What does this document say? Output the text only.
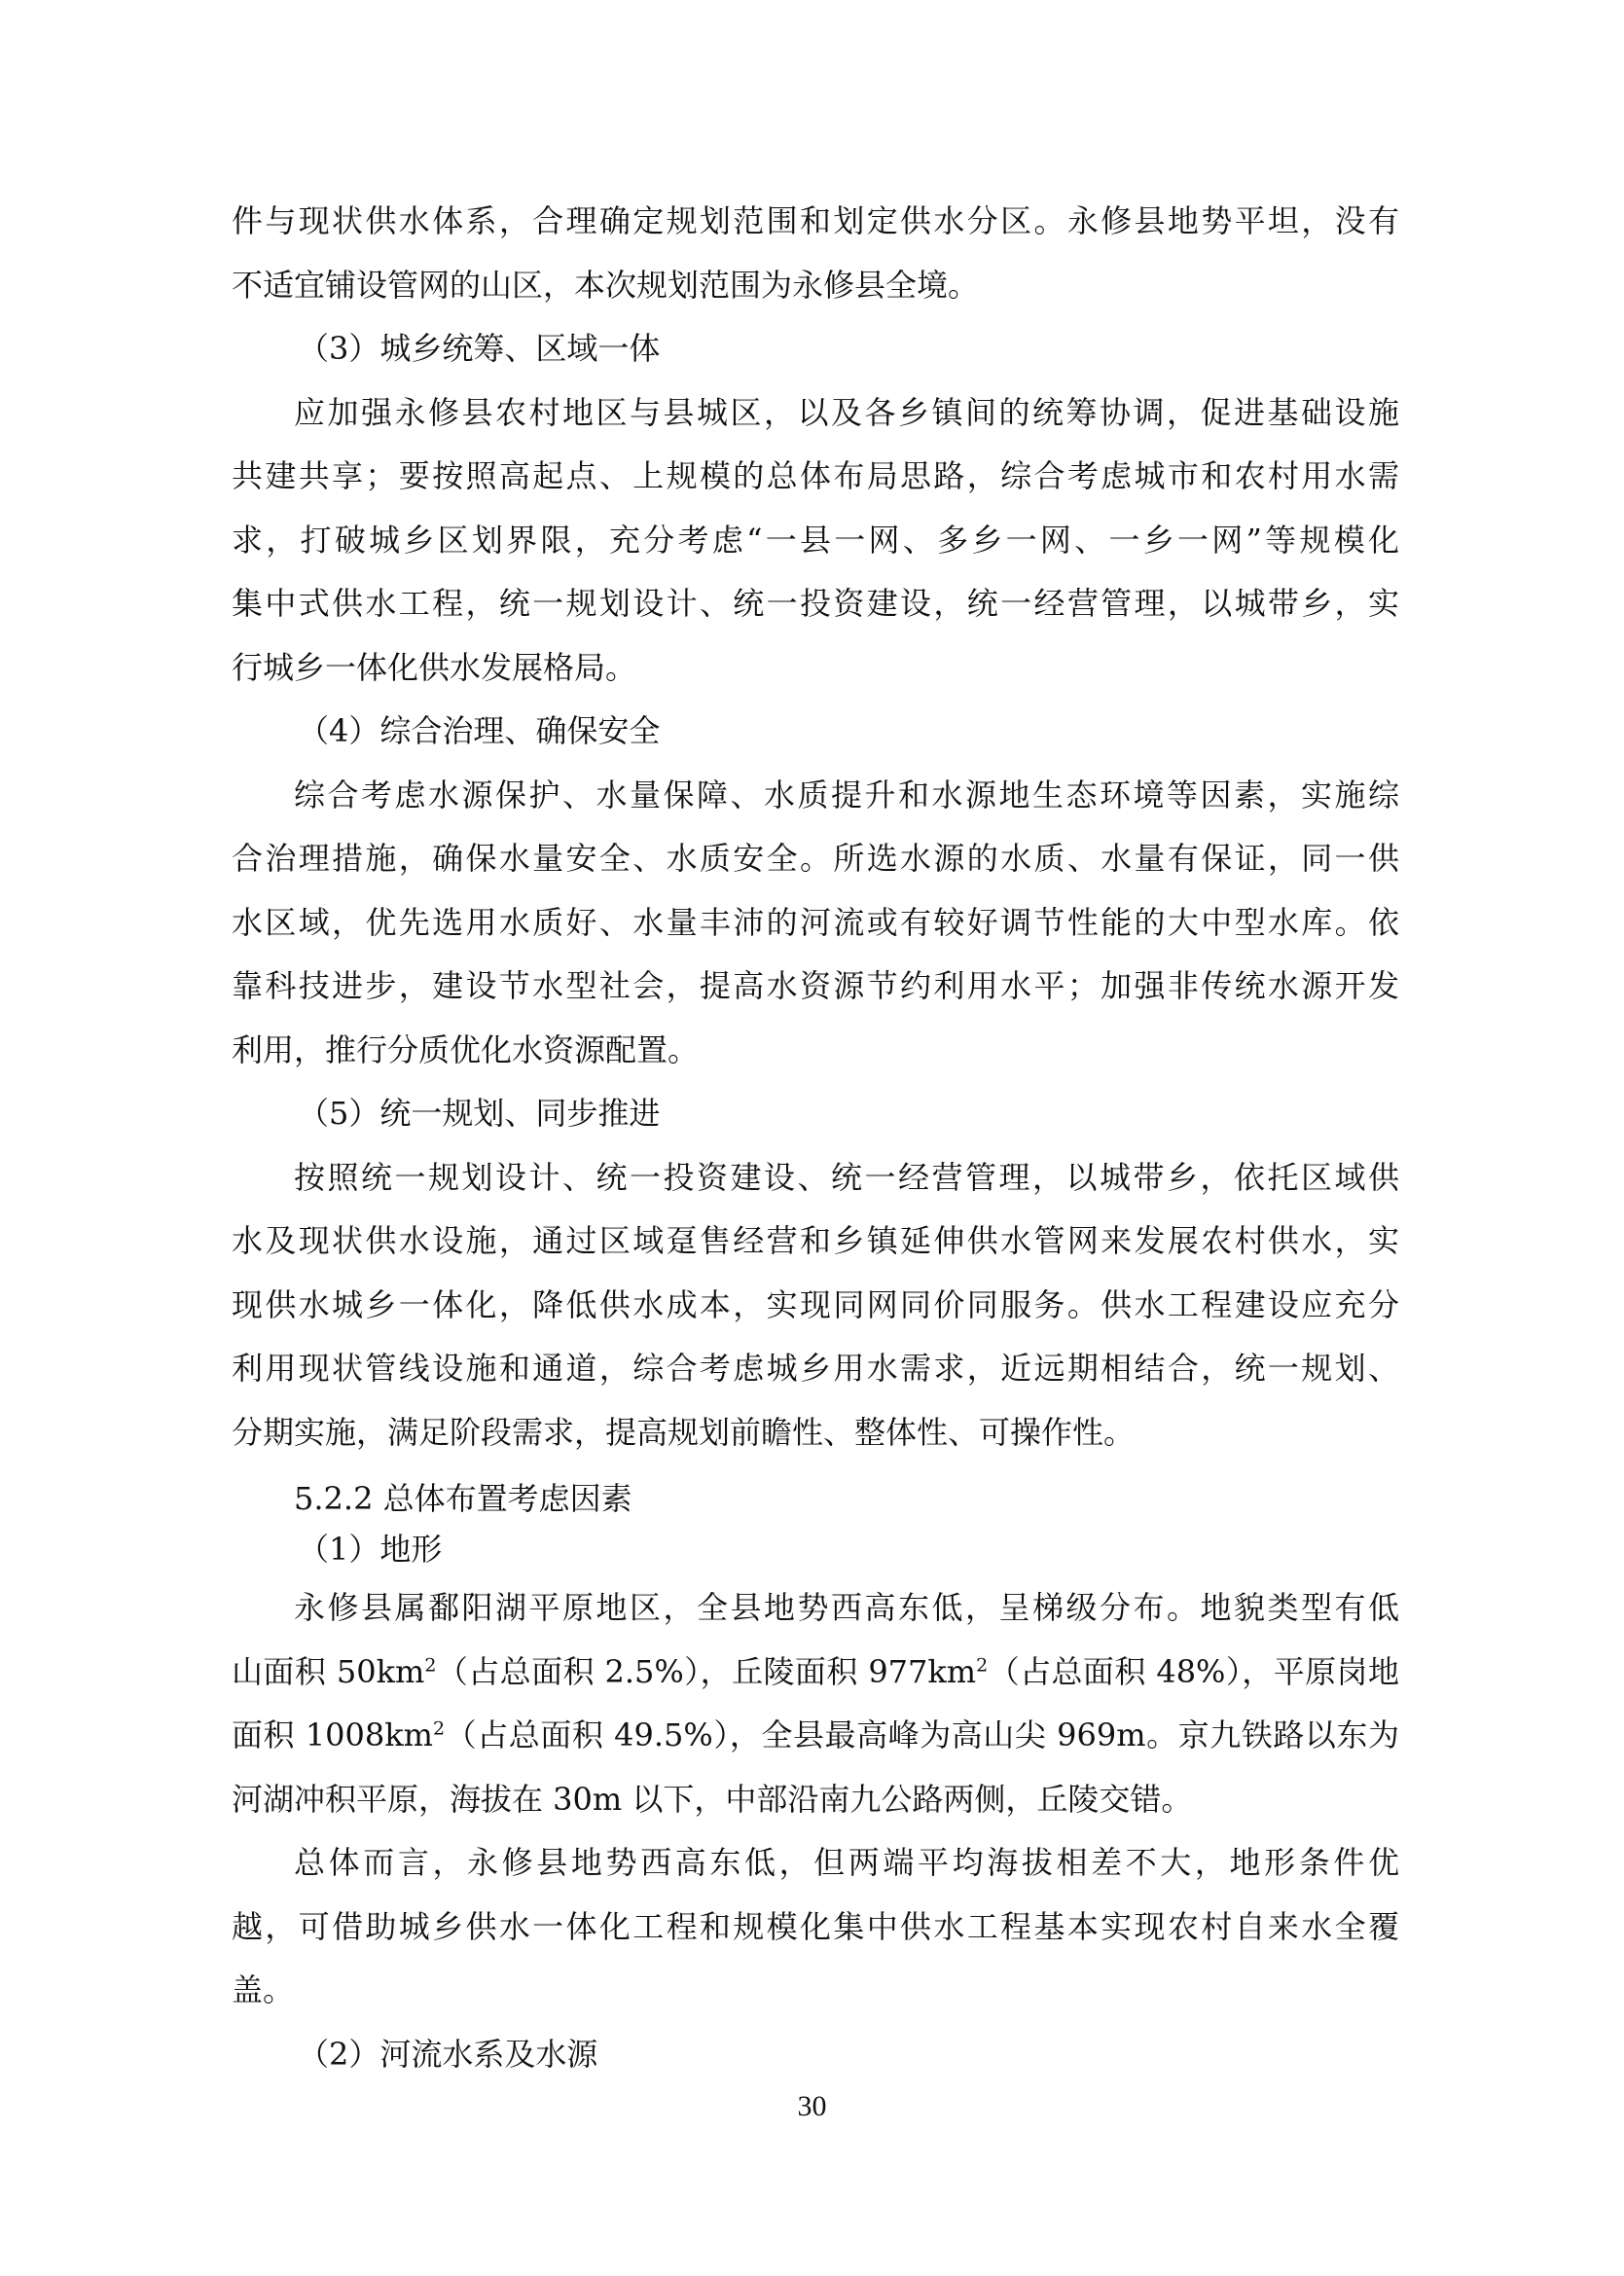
件与现状供水体系，合理确定规划范围和划定供水分区。永修县地势平坦，没有
不适宜铺设管网的山区，本次规划范围为永修县全境。
（3）城乡统筹、区域一体
应加强永修县农村地区与县城区，以及各乡镇间的统筹协调，促进基础设施
共建共享；要按照高起点、上规模的总体布局思路，综合考虑城市和农村用水需
求，打破城乡区划界限，充分考虑“一县一网、多乡一网、一乡一网”等规模化
集中式供水工程，统一规划设计、统一投资建设，统一经营管理，以城带乡，实
行城乡一体化供水发展格局。
（4）综合治理、确保安全
综合考虑水源保护、水量保障、水质提升和水源地生态环境等因素，实施综
合治理措施，确保水量安全、水质安全。所选水源的水质、水量有保证，同一供
水区域，优先选用水质好、水量丰沛的河流或有较好调节性能的大中型水库。依
靠科技进步，建设节水型社会，提高水资源节约利用水平；加强非传统水源开发
利用，推行分质优化水资源配置。
（5）统一规划、同步推进
按照统一规划设计、统一投资建设、统一经营管理，以城带乡，依托区域供
水及现状供水设施，通过区域趸售经营和乡镇延伸供水管网来发展农村供水，实
现供水城乡一体化，降低供水成本，实现同网同价同服务。供水工程建设应充分
利用现状管线设施和通道，综合考虑城乡用水需求，近远期相结合，统一规划、
分期实施，满足阶段需求，提高规划前瞻性、整体性、可操作性。
5.2.2 总体布置考虑因素
（1）地形
永修县属鄱阳湖平原地区，全县地势西高东低，呈梯级分布。地貌类型有低
山面积 $50km^2$（占总面积 2.5%），丘陵面积 $977km^2$（占总面积 48%），平原岗地
面积 $1008km^2$（占总面积 49.5%），全县最高峰为高山尖 969m。京九铁路以东为
河湖冲积平原，海拔在 30m 以下，中部沿南九公路两侧，丘陵交错。
总体而言，永修县地势西高东低，但两端平均海拔相差不大，地形条件优
越，可借助城乡供水一体化工程和规模化集中供水工程基本实现农村自来水全覆
盖。
（2）河流水系及水源
30
